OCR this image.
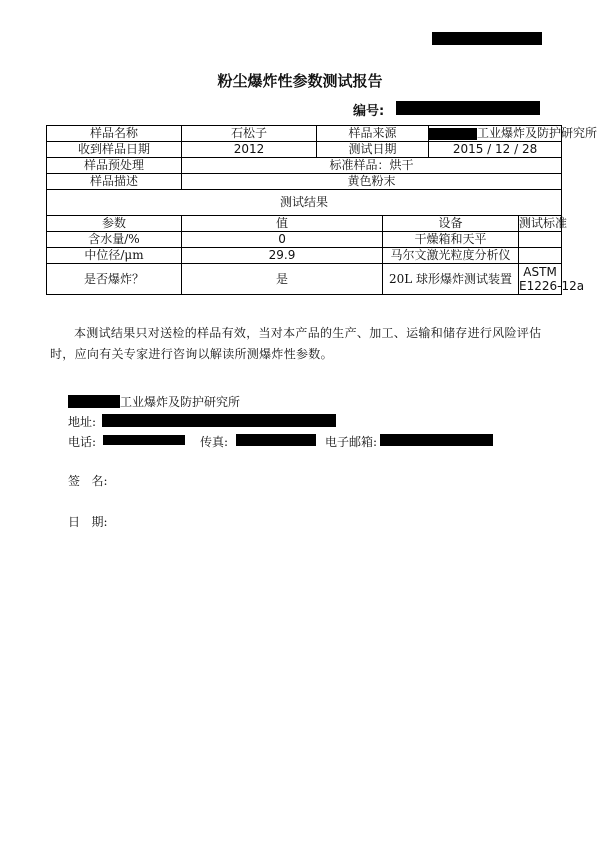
粉尘爆炸性参数测试报告
编号:
样品名称	石松子	样品来源		工业爆炸及防护研究所	
收到样品日期	2012	测试日期		2015 / 12 / 28	
样品预处理	标准样品：烘干				
样品描述	黄色粉末				
测试结果					
参数	值		设备		测试标准
含水量/%	0		干燥箱和天平		
中位径/μm	29.9		马尔文激光粒度分析仪		
是否爆炸？	是		20L 球形爆炸测试装置		ASTM
E1226-12a
本测试结果只对送检的样品有效，当对本产品的生产、加工、运输和储存进行风险评估时，应向有关专家进行咨询以解读所测爆炸性参数。
工业爆炸及防护研究所
地址:
电话:	传真:	电子邮箱:
签   名:
日   期:
